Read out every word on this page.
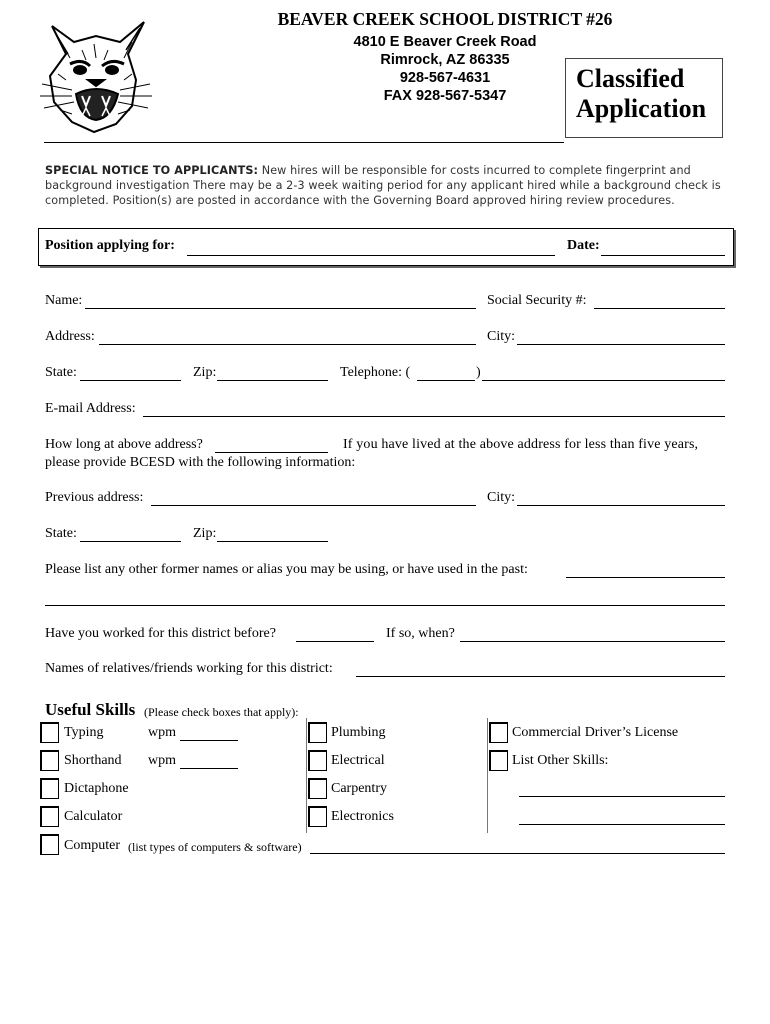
BEAVER CREEK SCHOOL DISTRICT #26
4810 E Beaver Creek Road
Rimrock, AZ 86335
928-567-4631
FAX 928-567-5347
Classified
Application
SPECIAL NOTICE TO APPLICANTS: New hires will be responsible for costs incurred to complete fingerprint and background investigation There may be a 2-3 week waiting period for any applicant hired while a background check is completed. Position(s) are posted in accordance with the Governing Board approved hiring review procedures.
Position applying for:	Date:
Name:	Social Security #:
Address:	City:
State:	Zip:	Telephone: (	)
E-mail Address:
How long at above address?	If you have lived at the above address for less than five years,
please provide BCESD with the following information:
Previous address:	City:
State:	Zip:
Please list any other former names or alias you may be using, or have used in the past:
Have you worked for this district before?	If so, when?
Names of relatives/friends working for this district:
Useful Skills (Please check boxes that apply):
Typing	wpm
Shorthand wpm
Dictaphone
Calculator
Computer (list types of computers & software)
Plumbing
Electrical
Carpentry
Electronics
Commercial Driver’s License
List Other Skills:
